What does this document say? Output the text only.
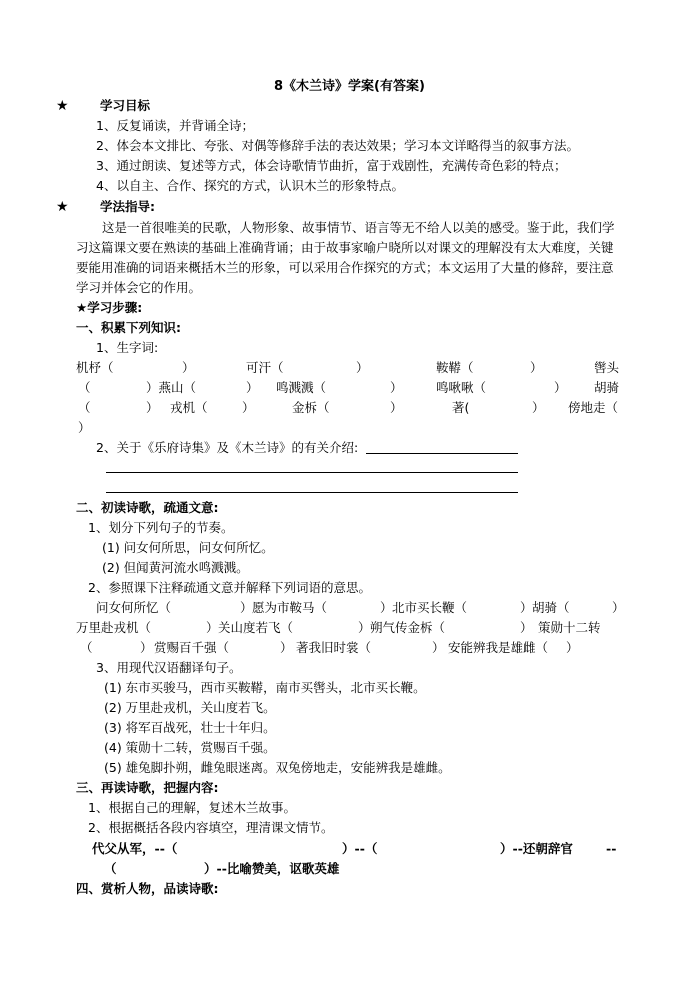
8《木兰诗》学案(有答案)
★	学习目标
1、反复诵读，并背诵全诗；
2、体会本文排比、夸张、对偶等修辞手法的表达效果；学习本文详略得当的叙事方法。
3、通过朗读、复述等方式，体会诗歌情节曲折，富于戏剧性，充满传奇色彩的特点；
4、以自主、合作、探究的方式，认识木兰的形象特点。
★	学法指导:
这是一首很唯美的民歌，人物形象、故事情节、语言等无不给人以美的感受。鉴于此，我们学
习这篇课文要在熟读的基础上准确背诵；由于故事家喻户晓所以对课文的理解没有太大难度，关键
要能用准确的词语来概括木兰的形象，可以采用合作探究的方式；本文运用了大量的修辞，要注意
学习并体会它的作用。
★学习步骤:
一、积累下列知识:
1、生字词:
机杼（	）	可汗（	）	鞍鞯（	）	辔头
（	）燕山（	） 鸣溅溅（	）	鸣啾啾（	） 胡骑
（	） 戎机（	）	金柝（	）	著(	） 傍地走（
）
2、关于《乐府诗集》及《木兰诗》的有关介绍:
二、初读诗歌，疏通文意:
1、划分下列句子的节奏。
(1) 问女何所思，问女何所忆。
(2) 但闻黄河流水鸣溅溅。
2、参照课下注释疏通文意并解释下列词语的意思。
问女何所忆（	） 愿为市鞍马（	） 北市买长鞭（	） 胡骑（	）
万里赴戎机（	） 关山度若飞（	） 朔气传金柝（	） 策勋十二转
（	） 赏赐百千强（	） 著我旧时裳（	） 安能辨我是雄雌（ ）
3、用现代汉语翻译句子。
(1) 东市买骏马，西市买鞍鞯，南市买辔头，北市买长鞭。
(2) 万里赴戎机，关山度若飞。
(3) 将军百战死，壮士十年归。
(4) 策勋十二转，赏赐百千强。
(5) 雄兔脚扑朔，雌兔眼迷离。双兔傍地走，安能辨我是雄雌。
三、再读诗歌，把握内容:
1、根据自己的理解，复述木兰故事。
2、根据概括各段内容填空，理清课文情节。
代父从军，--（	）--（	）--还朝辞官	--
（	）--比喻赞美，讴歌英雄
四、赏析人物，品读诗歌:
